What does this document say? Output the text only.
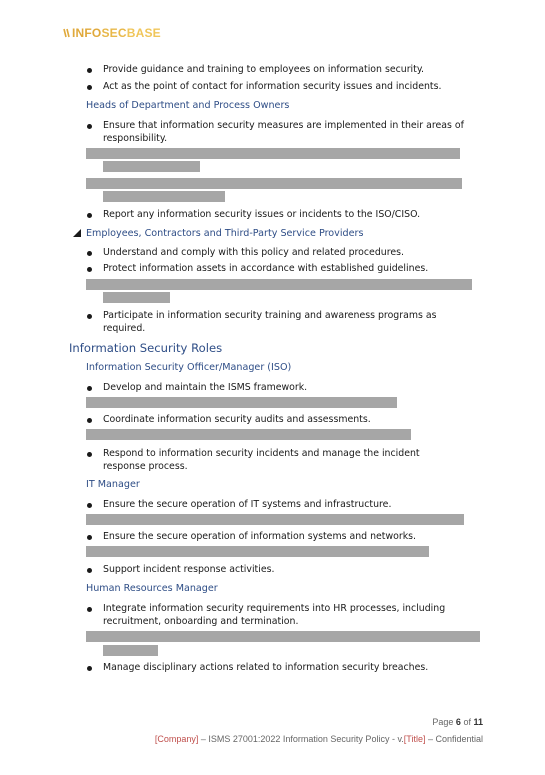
INFO SEC BASE
Provide guidance and training to employees on information security.
Act as the point of contact for information security issues and incidents.
Heads of Department and Process Owners
Ensure that information security measures are implemented in their areas of responsibility.
Report any information security issues or incidents to the ISO/CISO.
Employees, Contractors and Third-Party Service Providers
Understand and comply with this policy and related procedures.
Protect information assets in accordance with established guidelines.
Participate in information security training and awareness programs as required.
Information Security Roles
Information Security Officer/Manager (ISO)
Develop and maintain the ISMS framework.
Coordinate information security audits and assessments.
Respond to information security incidents and manage the incident response process.
IT Manager
Ensure the secure operation of IT systems and infrastructure.
Ensure the secure operation of information systems and networks.
Support incident response activities.
Human Resources Manager
Integrate information security requirements into HR processes, including recruitment, onboarding and termination.
Manage disciplinary actions related to information security breaches.
Page 6 of 11
[Company] – ISMS 27001:2022 Information Security Policy - v.[Title] – Confidential
